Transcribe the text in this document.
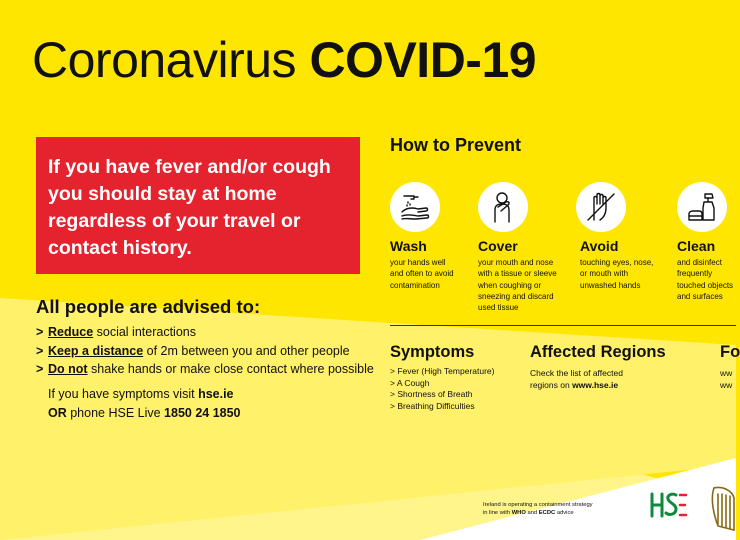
Coronavirus COVID-19

If you have fever and/or cough you should stay at home regardless of your travel or contact history.

All people are advised to:
> Reduce social interactions
> Keep a distance of 2m between you and other people
> Do not shake hands or make close contact where possible
If you have symptoms visit hse.ie
OR phone HSE Live 1850 24 1850
How to Prevent
Wash
your hands well
and often to avoid
contamination
Cover
your mouth and nose
with a tissue or sleeve
when coughing or
sneezing and discard
used tissue
Avoid
touching eyes, nose,
or mouth with
unwashed hands
Clean
and disinfect
frequently
touched objects
and surfaces
Symptoms
> Fever (High Temperature)
> A Cough
> Shortness of Breath
> Breathing Difficulties
Affected Regions
Check the list of affected
regions on www.hse.ie
Fo
ww
ww
Ireland is operating a containment strategy
in line with WHO and ECDC advice
